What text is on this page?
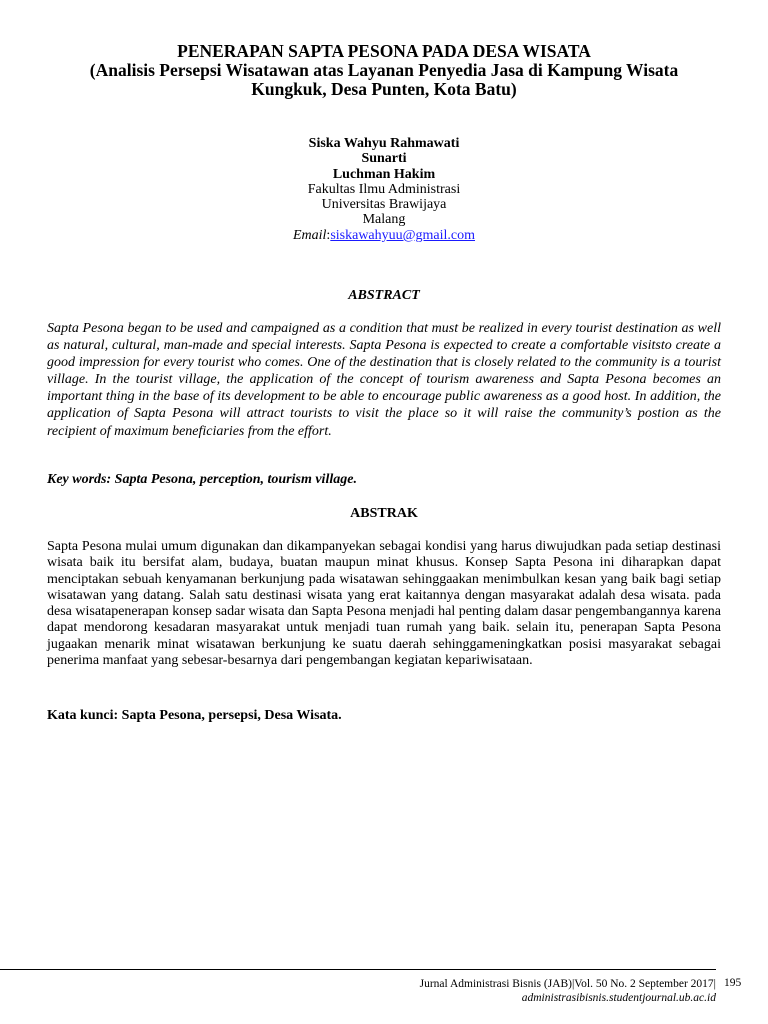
PENERAPAN SAPTA PESONA PADA DESA WISATA
(Analisis Persepsi Wisatawan atas Layanan Penyedia Jasa di Kampung Wisata
Kungkuk, Desa Punten, Kota Batu)
Siska Wahyu Rahmawati
Sunarti
Luchman Hakim
Fakultas Ilmu Administrasi
Universitas Brawijaya
Malang
Email:siskawahyuu@gmail.com
ABSTRACT
Sapta Pesona began to be used and campaigned as a condition that must be realized in every tourist destination as well as natural, cultural, man-made and special interests. Sapta Pesona is expected to create a comfortable visitsto create a good impression for every tourist who comes. One of the destination that is closely related to the community is a tourist village. In the tourist village, the application of the concept of tourism awareness and Sapta Pesona becomes an important thing in the base of its development to be able to encourage public awareness as a good host. In addition, the application of Sapta Pesona will attract tourists to visit the place so it will raise the community’s postion as the recipient of maximum beneficiaries from the effort.
Key words: Sapta Pesona, perception, tourism village.
ABSTRAK
Sapta Pesona mulai umum digunakan dan dikampanyekan sebagai kondisi yang harus diwujudkan pada setiap destinasi wisata baik itu bersifat alam, budaya, buatan maupun minat khusus. Konsep Sapta Pesona ini diharapkan dapat menciptakan sebuah kenyamanan berkunjung pada wisatawan sehinggaakan menimbulkan kesan yang baik bagi setiap wisatawan yang datang. Salah satu destinasi wisata yang erat kaitannya dengan masyarakat adalah desa wisata. pada desa wisatapenerapan konsep sadar wisata dan Sapta Pesona menjadi hal penting dalam dasar pengembangannya karena dapat mendorong kesadaran masyarakat untuk menjadi tuan rumah yang baik. selain itu, penerapan Sapta Pesona jugaakan menarik minat wisatawan berkunjung ke suatu daerah sehinggameningkatkan posisi masyarakat sebagai penerima manfaat yang sebesar-besarnya dari pengembangan kegiatan kepariwisataan.
Kata kunci: Sapta Pesona, persepsi, Desa Wisata.
Jurnal Administrasi Bisnis (JAB)|Vol. 50 No. 2 September 2017|
administrasibisnis.studentjournal.ub.ac.id
195
